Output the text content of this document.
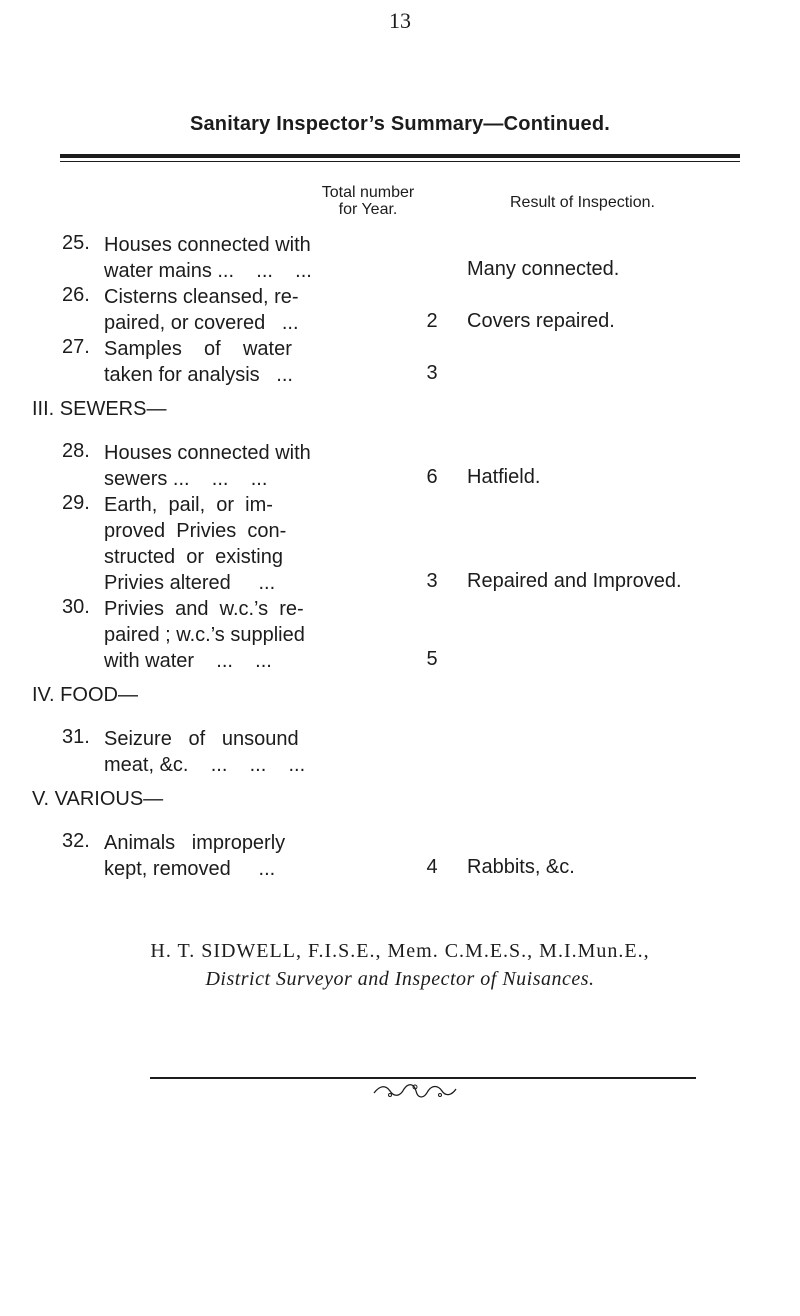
13
Sanitary Inspector’s Summary—Continued.
Total number
for Year.	Result of Inspection.
25. Houses connected with
water mains ...    ...    ...	Many connected.
26. Cisterns cleansed, re-
paired, or covered   ...	2 Covers repaired.
27. Samples    of    water
taken for analysis   ...	3
III. SEWERS—
28. Houses connected with
sewers ...    ...    ...	6 Hatfield.
29. Earth,  pail,  or  im-
proved  Privies  con-
structed  or  existing
Privies altered     ...	3 Repaired and Improved.
30. Privies  and  w.c.’s  re-
paired ; w.c.’s supplied
with water    ...    ...	5
IV. FOOD—
31. Seizure   of   unsound
meat, &c.    ...    ...    ...
V. VARIOUS—
32. Animals   improperly
kept, removed     ...	4 Rabbits, &c.
H. T. SIDWELL, F.I.S.E., Mem. C.M.E.S., M.I.Mun.E.,
District Surveyor and Inspector of Nuisances.
